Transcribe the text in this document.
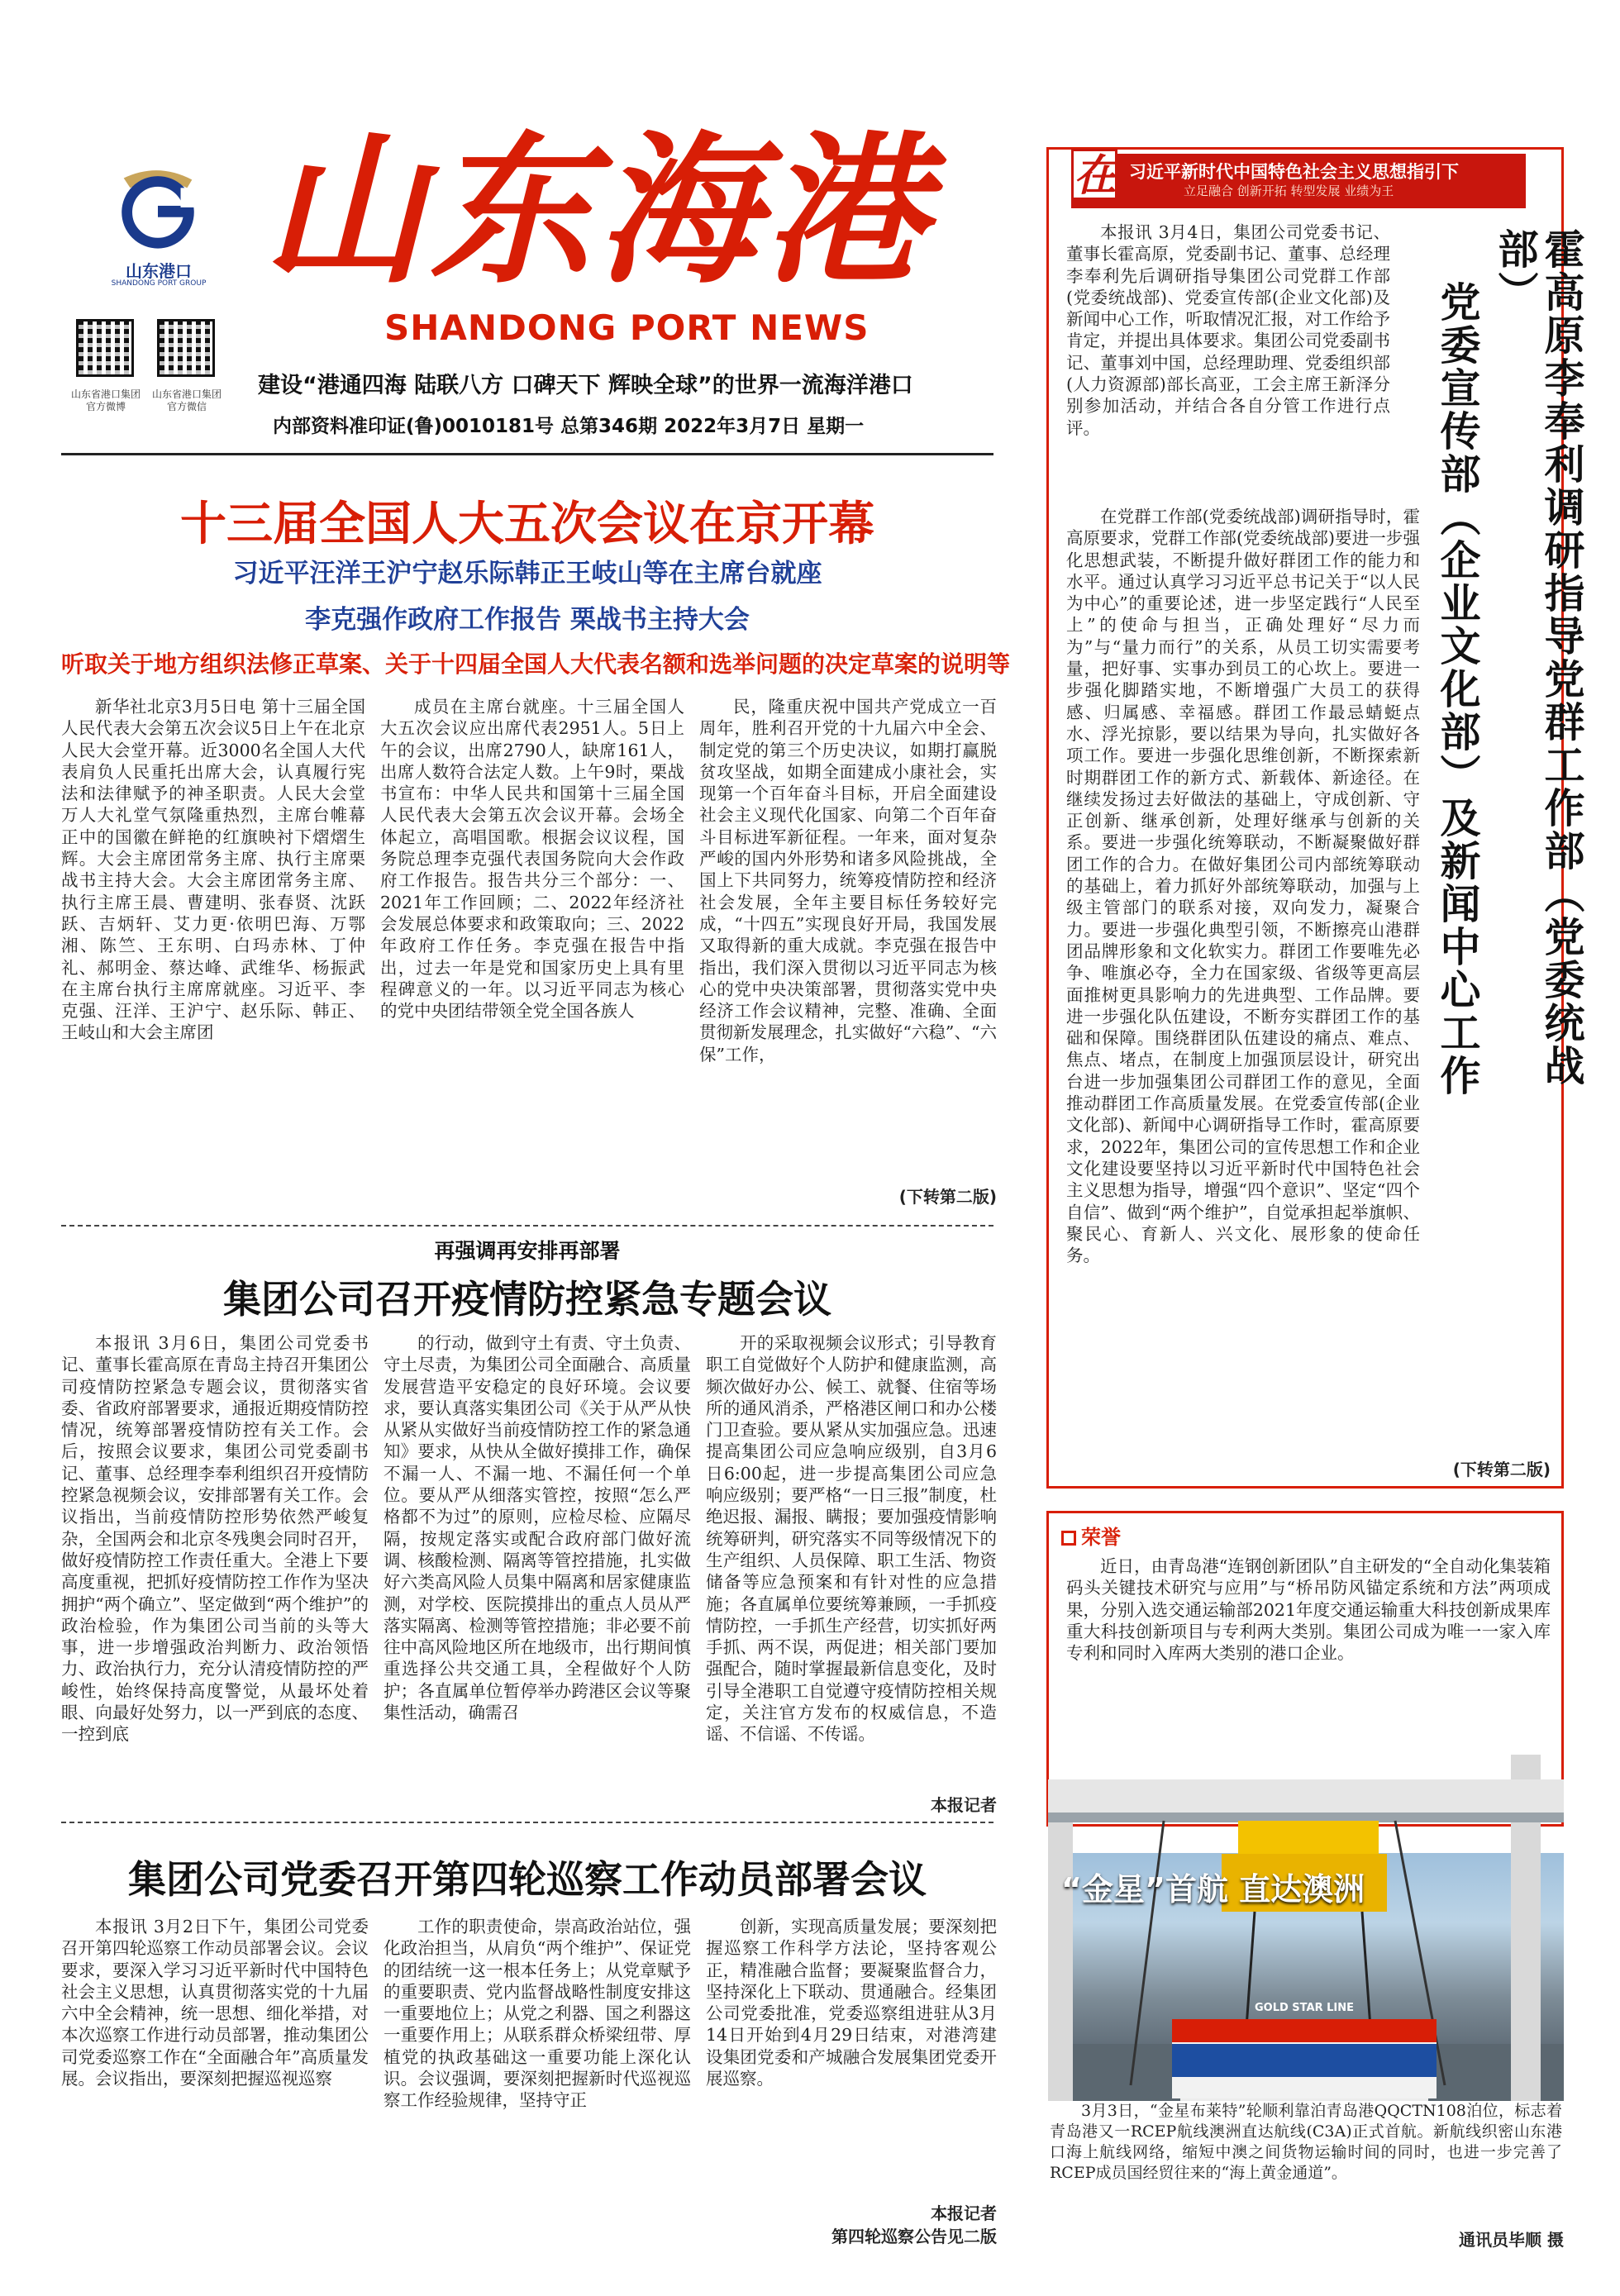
山东港口
SHANDONG PORT GROUP 山东海港
SHANDONG PORT NEWS
山东省港口集团官方微博
山东省港口集团官方微信
建设“港通四海 陆联八方 口碑天下 辉映全球”的世界一流海洋港口
内部资料准印证(鲁)0010181号 总第346期 2022年3月7日 星期一
十三届全国人大五次会议在京开幕
习近平汪洋王沪宁赵乐际韩正王岐山等在主席台就座
李克强作政府工作报告 栗战书主持大会
听取关于地方组织法修正草案、关于十四届全国人大代表名额和选举问题的决定草案的说明等

新华社北京3月5日电 第十三届全国人民代表大会第五次会议5日上午在北京人民大会堂开幕。近3000名全国人大代表肩负人民重托出席大会，认真履行宪法和法律赋予的神圣职责。人民大会堂万人大礼堂气氛隆重热烈，主席台帷幕正中的国徽在鲜艳的红旗映衬下熠熠生辉。大会主席团常务主席、执行主席栗战书主持大会。大会主席团常务主席、执行主席王晨、曹建明、张春贤、沈跃跃、吉炳轩、艾力更·依明巴海、万鄂湘、陈竺、王东明、白玛赤林、丁仲礼、郝明金、蔡达峰、武维华、杨振武在主席台执行主席席就座。习近平、李克强、汪洋、王沪宁、赵乐际、韩正、王岐山和大会主席团

成员在主席台就座。十三届全国人大五次会议应出席代表2951人。5日上午的会议，出席2790人，缺席161人，出席人数符合法定人数。上午9时，栗战书宣布：中华人民共和国第十三届全国人民代表大会第五次会议开幕。会场全体起立，高唱国歌。根据会议议程，国务院总理李克强代表国务院向大会作政府工作报告。报告共分三个部分：一、2021年工作回顾；二、2022年经济社会发展总体要求和政策取向；三、2022年政府工作任务。李克强在报告中指出，过去一年是党和国家历史上具有里程碑意义的一年。以习近平同志为核心的党中央团结带领全党全国各族人

民，隆重庆祝中国共产党成立一百周年，胜利召开党的十九届六中全会、制定党的第三个历史决议，如期打赢脱贫攻坚战，如期全面建成小康社会，实现第一个百年奋斗目标，开启全面建设社会主义现代化国家、向第二个百年奋斗目标进军新征程。一年来，面对复杂严峻的国内外形势和诸多风险挑战，全国上下共同努力，统筹疫情防控和经济社会发展，全年主要目标任务较好完成，“十四五”实现良好开局，我国发展又取得新的重大成就。李克强在报告中指出，我们深入贯彻以习近平同志为核心的党中央决策部署，贯彻落实党中央经济工作会议精神，完整、准确、全面贯彻新发展理念，扎实做好“六稳”、“六保”工作，

(下转第二版)
再强调再安排再部署
集团公司召开疫情防控紧急专题会议

本报讯 3月6日，集团公司党委书记、董事长霍高原在青岛主持召开集团公司疫情防控紧急专题会议，贯彻落实省委、省政府部署要求，通报近期疫情防控情况，统筹部署疫情防控有关工作。会后，按照会议要求，集团公司党委副书记、董事、总经理李奉利组织召开疫情防控紧急视频会议，安排部署有关工作。会议指出，当前疫情防控形势依然严峻复杂，全国两会和北京冬残奥会同时召开，做好疫情防控工作责任重大。全港上下要高度重视，把抓好疫情防控工作作为坚决拥护“两个确立”、坚定做到“两个维护”的政治检验，作为集团公司当前的头等大事，进一步增强政治判断力、政治领悟力、政治执行力，充分认清疫情防控的严峻性，始终保持高度警觉，从最坏处着眼、向最好处努力，以一严到底的态度、一控到底

的行动，做到守土有责、守土负责、守土尽责，为集团公司全面融合、高质量发展营造平安稳定的良好环境。会议要求，要认真落实集团公司《关于从严从快从紧从实做好当前疫情防控工作的紧急通知》要求，从快从全做好摸排工作，确保不漏一人、不漏一地、不漏任何一个单位。要从严从细落实管控，按照“怎么严格都不为过”的原则，应检尽检、应隔尽隔，按规定落实或配合政府部门做好流调、核酸检测、隔离等管控措施，扎实做好六类高风险人员集中隔离和居家健康监测，对学校、医院摸排出的重点人员从严落实隔离、检测等管控措施；非必要不前往中高风险地区所在地级市，出行期间慎重选择公共交通工具，全程做好个人防护；各直属单位暂停举办跨港区会议等聚集性活动，确需召

开的采取视频会议形式；引导教育职工自觉做好个人防护和健康监测，高频次做好办公、候工、就餐、住宿等场所的通风消杀，严格港区闸口和办公楼门卫查验。要从紧从实加强应急。迅速提高集团公司应急响应级别，自3月6日6:00起，进一步提高集团公司应急响应级别；要严格“一日三报”制度，杜绝迟报、漏报、瞒报；要加强疫情影响统筹研判，研究落实不同等级情况下的生产组织、人员保障、职工生活、物资储备等应急预案和有针对性的应急措施；各直属单位要统筹兼顾，一手抓疫情防控，一手抓生产经营，切实抓好两手抓、两不误，两促进；相关部门要加强配合，随时掌握最新信息变化，及时引导全港职工自觉遵守疫情防控相关规定，关注官方发布的权威信息，不造谣、不信谣、不传谣。

本报记者
集团公司党委召开第四轮巡察工作动员部署会议

本报讯 3月2日下午，集团公司党委召开第四轮巡察工作动员部署会议。会议要求，要深入学习习近平新时代中国特色社会主义思想，认真贯彻落实党的十九届六中全会精神，统一思想、细化举措，对本次巡察工作进行动员部署，推动集团公司党委巡察工作在“全面融合年”高质量发展。会议指出，要深刻把握巡视巡察

工作的职责使命，崇高政治站位，强化政治担当，从肩负“两个维护”、保证党的团结统一这一根本任务上；从党章赋予的重要职责、党内监督战略性制度安排这一重要地位上；从党之利器、国之利器这一重要作用上；从联系群众桥梁纽带、厚植党的执政基础这一重要功能上深化认识。会议强调，要深刻把握新时代巡视巡察工作经验规律，坚持守正

创新，实现高质量发展；要深刻把握巡察工作科学方法论，坚持客观公正，精准融合监督；要凝聚监督合力，坚持深化上下联动、贯通融合。经集团公司党委批准，党委巡察组进驻从3月14日开始到4月29日结束，对港湾建设集团党委和产城融合发展集团党委开展巡察。

本报记者
第四轮巡察公告见二版
在 习近平新时代中国特色社会主义思想指引下
立足融合 创新开拓 转型发展 业绩为王

本报讯 3月4日，集团公司党委书记、董事长霍高原，党委副书记、董事、总经理李奉利先后调研指导集团公司党群工作部(党委统战部)、党委宣传部(企业文化部)及新闻中心工作，听取情况汇报，对工作给予肯定，并提出具体要求。集团公司党委副书记、董事刘中国，总经理助理、党委组织部(人力资源部)部长高亚，工会主席王新泽分别参加活动，并结合各自分管工作进行点评。	霍高原李奉利调研指导党群工作部（党委统战部）
党委宣传部（企业文化部）及新闻中心工作

在党群工作部(党委统战部)调研指导时，霍高原要求，党群工作部(党委统战部)要进一步强化思想武装，不断提升做好群团工作的能力和水平。通过认真学习习近平总书记关于“以人民为中心”的重要论述，进一步坚定践行“人民至上”的使命与担当，正确处理好“尽力而为”与“量力而行”的关系，从员工切实需要考量，把好事、实事办到员工的心坎上。要进一步强化脚踏实地，不断增强广大员工的获得感、归属感、幸福感。群团工作最忌蜻蜓点水、浮光掠影，要以结果为导向，扎实做好各项工作。要进一步强化思维创新，不断探索新时期群团工作的新方式、新载体、新途径。在继续发扬过去好做法的基础上，守成创新、守正创新、继承创新，处理好继承与创新的关系。要进一步强化统筹联动，不断凝聚做好群团工作的合力。在做好集团公司内部统筹联动的基础上，着力抓好外部统筹联动，加强与上级主管部门的联系对接，双向发力，凝聚合力。要进一步强化典型引领，不断擦亮山港群团品牌形象和文化软实力。群团工作要唯先必争、唯旗必夺，全力在国家级、省级等更高层面推树更具影响力的先进典型、工作品牌。要进一步强化队伍建设，不断夯实群团工作的基础和保障。围绕群团队伍建设的痛点、难点、焦点、堵点，在制度上加强顶层设计，研究出台进一步加强集团公司群团工作的意见，全面推动群团工作高质量发展。在党委宣传部(企业文化部)、新闻中心调研指导工作时，霍高原要求，2022年，集团公司的宣传思想工作和企业文化建设要坚持以习近平新时代中国特色社会主义思想为指导，增强“四个意识”、坚定“四个自信”、做到“两个维护”，自觉承担起举旗帜、聚民心、育新人、兴文化、展形象的使命任务。

(下转第二版)
荣誉

近日，由青岛港“连钢创新团队”自主研发的“全自动化集装箱码头关键技术研究与应用”与“桥吊防风锚定系统和方法”两项成果，分别入选交通运输部2021年度交通运输重大科技创新成果库重大科技创新项目与专利两大类别。集团公司成为唯一一家入库专利和同时入库两大类别的港口企业。

GOLD STAR LINE
“金星”首航 直达澳洲

3月3日，“金星布莱特”轮顺利靠泊青岛港QQCTN108泊位，标志着青岛港又一RCEP航线澳洲直达航线(C3A)正式首航。新航线织密山东港口海上航线网络，缩短中澳之间货物运输时间的同时，也进一步完善了RCEP成员国经贸往来的“海上黄金通道”。

通讯员毕顺 摄
